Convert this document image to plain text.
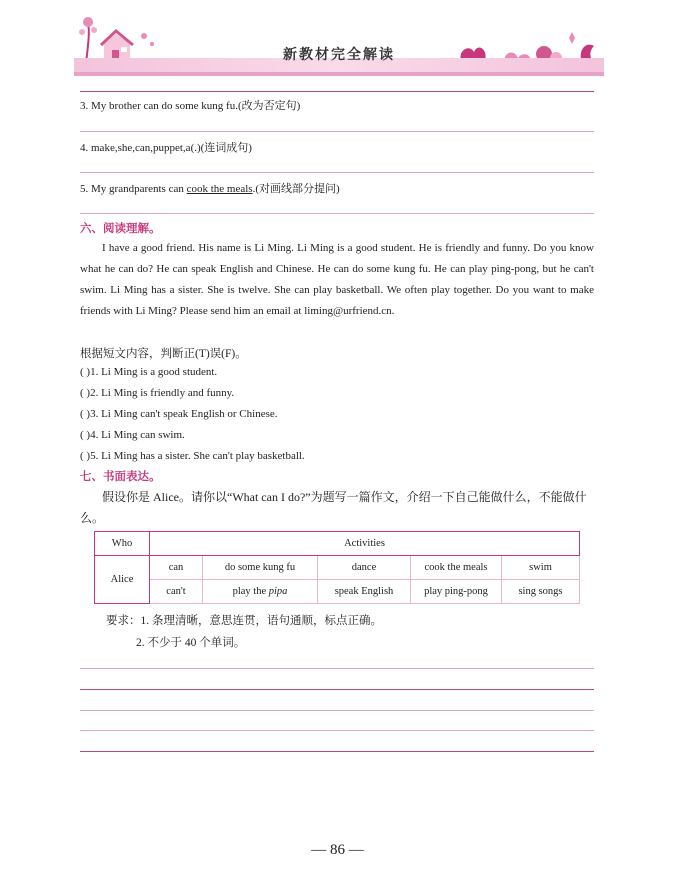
新教材完全解读
3. My brother can do some kung fu.(改为否定句)
4. make,she,can,puppet,a(.)(连词成句)
5. My grandparents can cook the meals.(对画线部分提问)
六、阅读理解。
I have a good friend. His name is Li Ming. Li Ming is a good student. He is friendly and funny. Do you know what he can do? He can speak English and Chinese. He can do some kung fu. He can play ping-pong, but he can't swim. Li Ming has a sister. She is twelve. She can play basketball. We often play together. Do you want to make friends with Li Ming? Please send him an email at liming@urfriend.cn.
根据短文内容，判断正(T)误(F)。
( )1. Li Ming is a good student.
( )2. Li Ming is friendly and funny.
( )3. Li Ming can't speak English or Chinese.
( )4. Li Ming can swim.
( )5. Li Ming has a sister. She can't play basketball.
七、书面表达。
假设你是 Alice。请你以“What can I do?”为题写一篇作文，介绍一下自己能做什么，不能做什么。
Who	Activities				
Alice	can	do some kung fu	dance	cook the meals	swim
	can't	play the pipa	speak English	play ping-pong	sing songs
要求：1. 条理清晰，意思连贯，语句通顺，标点正确。
2. 不少于 40 个单词。
— 86 —
